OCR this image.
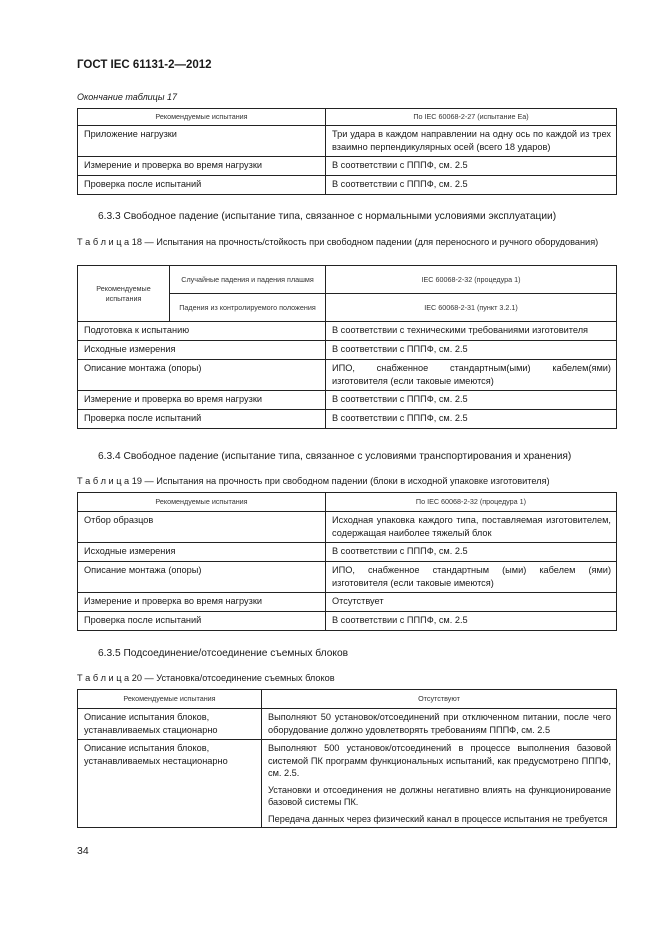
ГОСТ IEC 61131-2—2012
Окончание таблицы 17
Рекомендуемые испытания	По IEC 60068-2-27 (испытание Ea)
Приложение нагрузки	Три удара в каждом направлении на одну ось по каждой из трех взаимно перпендикулярных осей (всего 18 ударов)
Измерение и проверка во время нагрузки	В соответствии с ПППФ, см. 2.5
Проверка после испытаний	В соответствии с ПППФ, см. 2.5
6.3.3 Свободное падение (испытание типа, связанное с нормальными условиями эксплуатации)
Т а б л и ц а 18 — Испытания на прочность/стойкость при свободном падении (для переносного и ручного оборудования)
Рекомендуемые испытания	Случайные падения и падения плашмя	IEC 60068-2-32 (процедура 1)
	Падения из контролируемого положения	IEC 60068-2-31 (пункт 3.2.1)
Подготовка к испытанию		В соответствии с техническими требованиями изготовителя
Исходные измерения		В соответствии с ПППФ, см. 2.5
Описание монтажа (опоры)		ИПО, снабженное стандартным(ыми) кабелем(ями) изготовителя (если таковые имеются)
Измерение и проверка во время нагрузки		В соответствии с ПППФ, см. 2.5
Проверка после испытаний		В соответствии с ПППФ, см. 2.5
6.3.4 Свободное падение (испытание типа, связанное с условиями транспортирования и хранения)
Т а б л и ц а 19 — Испытания на прочность при свободном падении (блоки в исходной упаковке изготовителя)
Рекомендуемые испытания	По IEC 60068-2-32 (процедура 1)
Отбор образцов	Исходная упаковка каждого типа, поставляемая изготовителем, содержащая наиболее тяжелый блок
Исходные измерения	В соответствии с ПППФ, см. 2.5
Описание монтажа (опоры)	ИПО, снабженное стандартным (ыми) кабелем (ями) изготовителя (если таковые имеются)
Измерение и проверка во время нагрузки	Отсутствует
Проверка после испытаний	В соответствии с ПППФ, см. 2.5
6.3.5 Подсоединение/отсоединение съемных блоков
Т а б л и ц а 20 — Установка/отсоединение съемных блоков
Рекомендуемые испытания	Отсутствуют
Описание испытания блоков, устанавливаемых стационарно	Выполняют 50 установок/отсоединений при отключенном питании, после чего оборудование должно удовлетворять требованиям ПППФ, см. 2.5
Описание испытания блоков, устанавливаемых нестационарно	Выполняют 500 установок/отсоединений в процессе выполнения базовой системой ПК программ функциональных испытаний, как предусмотрено ПППФ, см. 2.5.

Установки и отсоединения не должны негативно влиять на функционирование базовой системы ПК.

Передача данных через физический канал в процессе испытания не требуется

34
